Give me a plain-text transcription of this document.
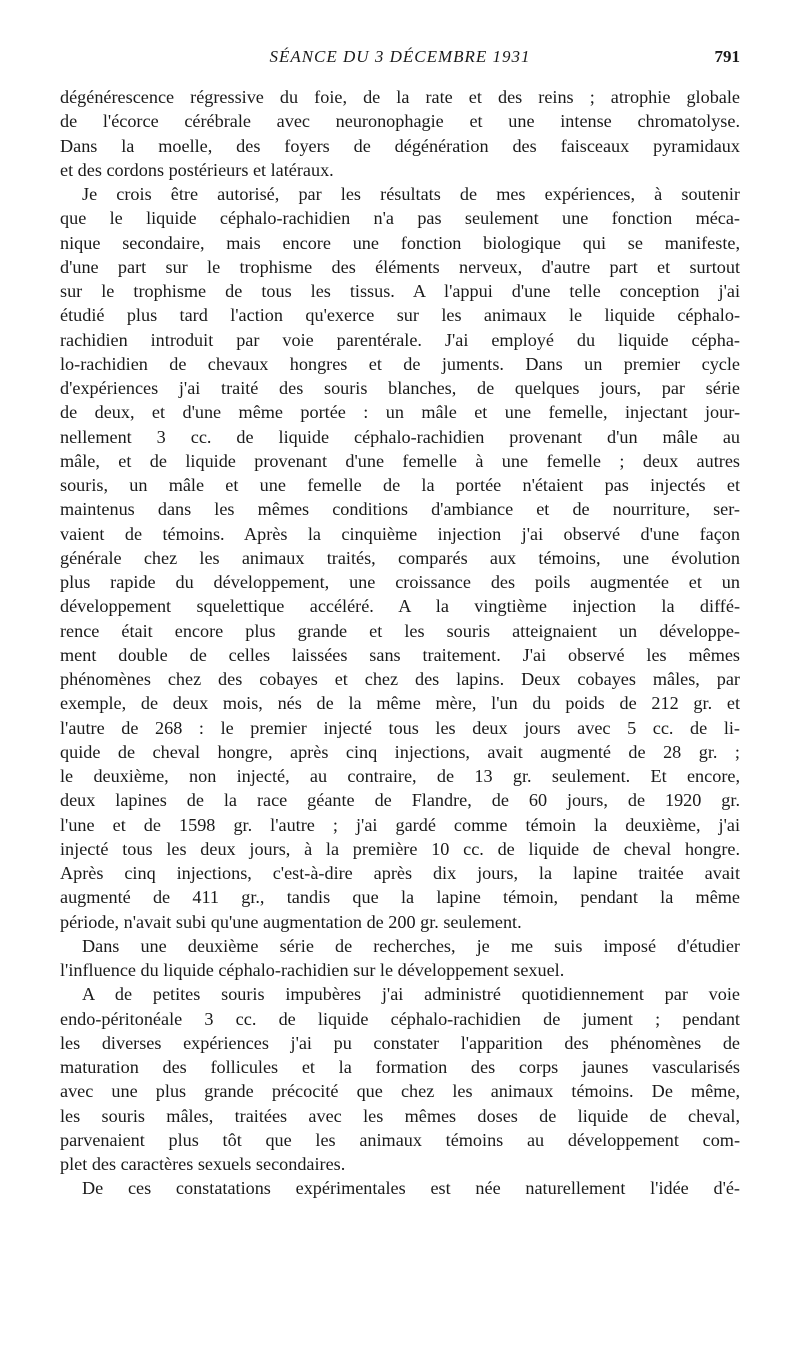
SÉANCE DU 3 DÉCEMBRE 1931	791
dégénérescence régressive du foie, de la rate et des reins ; atrophie globale
de l'écorce cérébrale avec neuronophagie et une intense chromatolyse.
Dans la moelle, des foyers de dégénération des faisceaux pyramidaux
et des cordons postérieurs et latéraux.
Je crois être autorisé, par les résultats de mes expériences, à soutenir
que le liquide céphalo-rachidien n'a pas seulement une fonction méca-
nique secondaire, mais encore une fonction biologique qui se manifeste,
d'une part sur le trophisme des éléments nerveux, d'autre part et surtout
sur le trophisme de tous les tissus. A l'appui d'une telle conception j'ai
étudié plus tard l'action qu'exerce sur les animaux le liquide céphalo-
rachidien introduit par voie parentérale. J'ai employé du liquide cépha-
lo-rachidien de chevaux hongres et de juments. Dans un premier cycle
d'expériences j'ai traité des souris blanches, de quelques jours, par série
de deux, et d'une même portée : un mâle et une femelle, injectant jour-
nellement 3 cc. de liquide céphalo-rachidien provenant d'un mâle au
mâle, et de liquide provenant d'une femelle à une femelle ; deux autres
souris, un mâle et une femelle de la portée n'étaient pas injectés et
maintenus dans les mêmes conditions d'ambiance et de nourriture, ser-
vaient de témoins. Après la cinquième injection j'ai observé d'une façon
générale chez les animaux traités, comparés aux témoins, une évolution
plus rapide du développement, une croissance des poils augmentée et un
développement squelettique accéléré. A la vingtième injection la diffé-
rence était encore plus grande et les souris atteignaient un développe-
ment double de celles laissées sans traitement. J'ai observé les mêmes
phénomènes chez des cobayes et chez des lapins. Deux cobayes mâles, par
exemple, de deux mois, nés de la même mère, l'un du poids de 212 gr. et
l'autre de 268 : le premier injecté tous les deux jours avec 5 cc. de li-
quide de cheval hongre, après cinq injections, avait augmenté de 28 gr. ;
le deuxième, non injecté, au contraire, de 13 gr. seulement. Et encore,
deux lapines de la race géante de Flandre, de 60 jours, de 1920 gr.
l'une et de 1598 gr. l'autre ; j'ai gardé comme témoin la deuxième, j'ai
injecté tous les deux jours, à la première 10 cc. de liquide de cheval hongre.
Après cinq injections, c'est-à-dire après dix jours, la lapine traitée avait
augmenté de 411 gr., tandis que la lapine témoin, pendant la même
période, n'avait subi qu'une augmentation de 200 gr. seulement.
Dans une deuxième série de recherches, je me suis imposé d'étudier
l'influence du liquide céphalo-rachidien sur le développement sexuel.
A de petites souris impubères j'ai administré quotidiennement par voie
endo-péritonéale 3 cc. de liquide céphalo-rachidien de jument ; pendant
les diverses expériences j'ai pu constater l'apparition des phénomènes de
maturation des follicules et la formation des corps jaunes vascularisés
avec une plus grande précocité que chez les animaux témoins. De même,
les souris mâles, traitées avec les mêmes doses de liquide de cheval,
parvenaient plus tôt que les animaux témoins au développement com-
plet des caractères sexuels secondaires.
De ces constatations expérimentales est née naturellement l'idée d'é-
